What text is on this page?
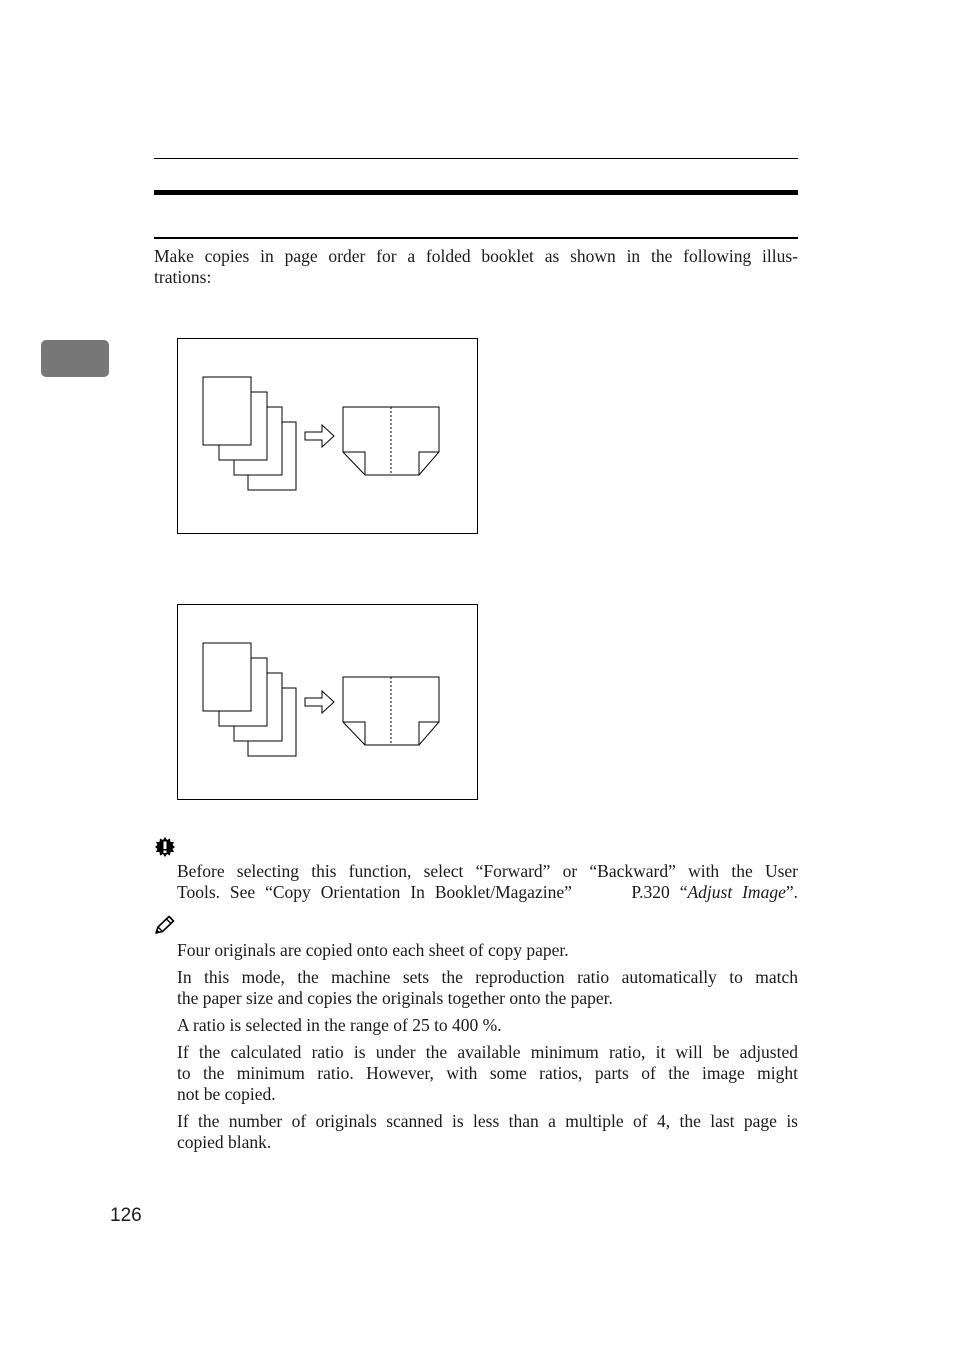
Make copies in page order for a folded booklet as shown in the following illus-
trations:
Before selecting this function, select “Forward” or “Backward” with the User
Tools. See “Copy Orientation In Booklet/Magazine”	P.320 “Adjust Image”.
Four originals are copied onto each sheet of copy paper.
In this mode, the machine sets the reproduction ratio automatically to match
the paper size and copies the originals together onto the paper.
A ratio is selected in the range of 25 to 400 %.
If the calculated ratio is under the available minimum ratio, it will be adjusted
to the minimum ratio. However, with some ratios, parts of the image might
not be copied.
If the number of originals scanned is less than a multiple of 4, the last page is
copied blank.
126
